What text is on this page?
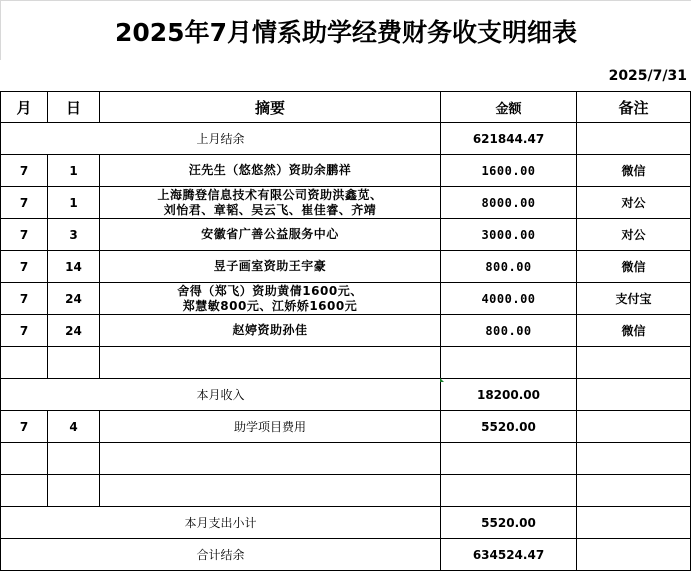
2025年7月情系助学经费财务收支明细表
2025/7/31
月	日	摘要	金额	备注
上月结余			621844.47	
7	1	汪先生（悠悠然）资助余鹏祥	1600.00	微信
7	1	上海腾登信息技术有限公司资助洪鑫苋、
刘怡君、章韬、吴云飞、崔佳睿、齐靖	8000.00	对公
7	3	安徽省广善公益服务中心	3000.00	对公
7	14	昱子画室资助王宇豪	800.00	微信
7	24	舍得（郑飞）资助黄倩1600元、
郑慧敏800元、江娇娇1600元	4000.00	支付宝
7	24	赵婷资助孙佳	800.00	微信

本月收入			18200.00	
7	4	助学项目费用	5520.00	

本月支出小计			5520.00	
合计结余			634524.47	
